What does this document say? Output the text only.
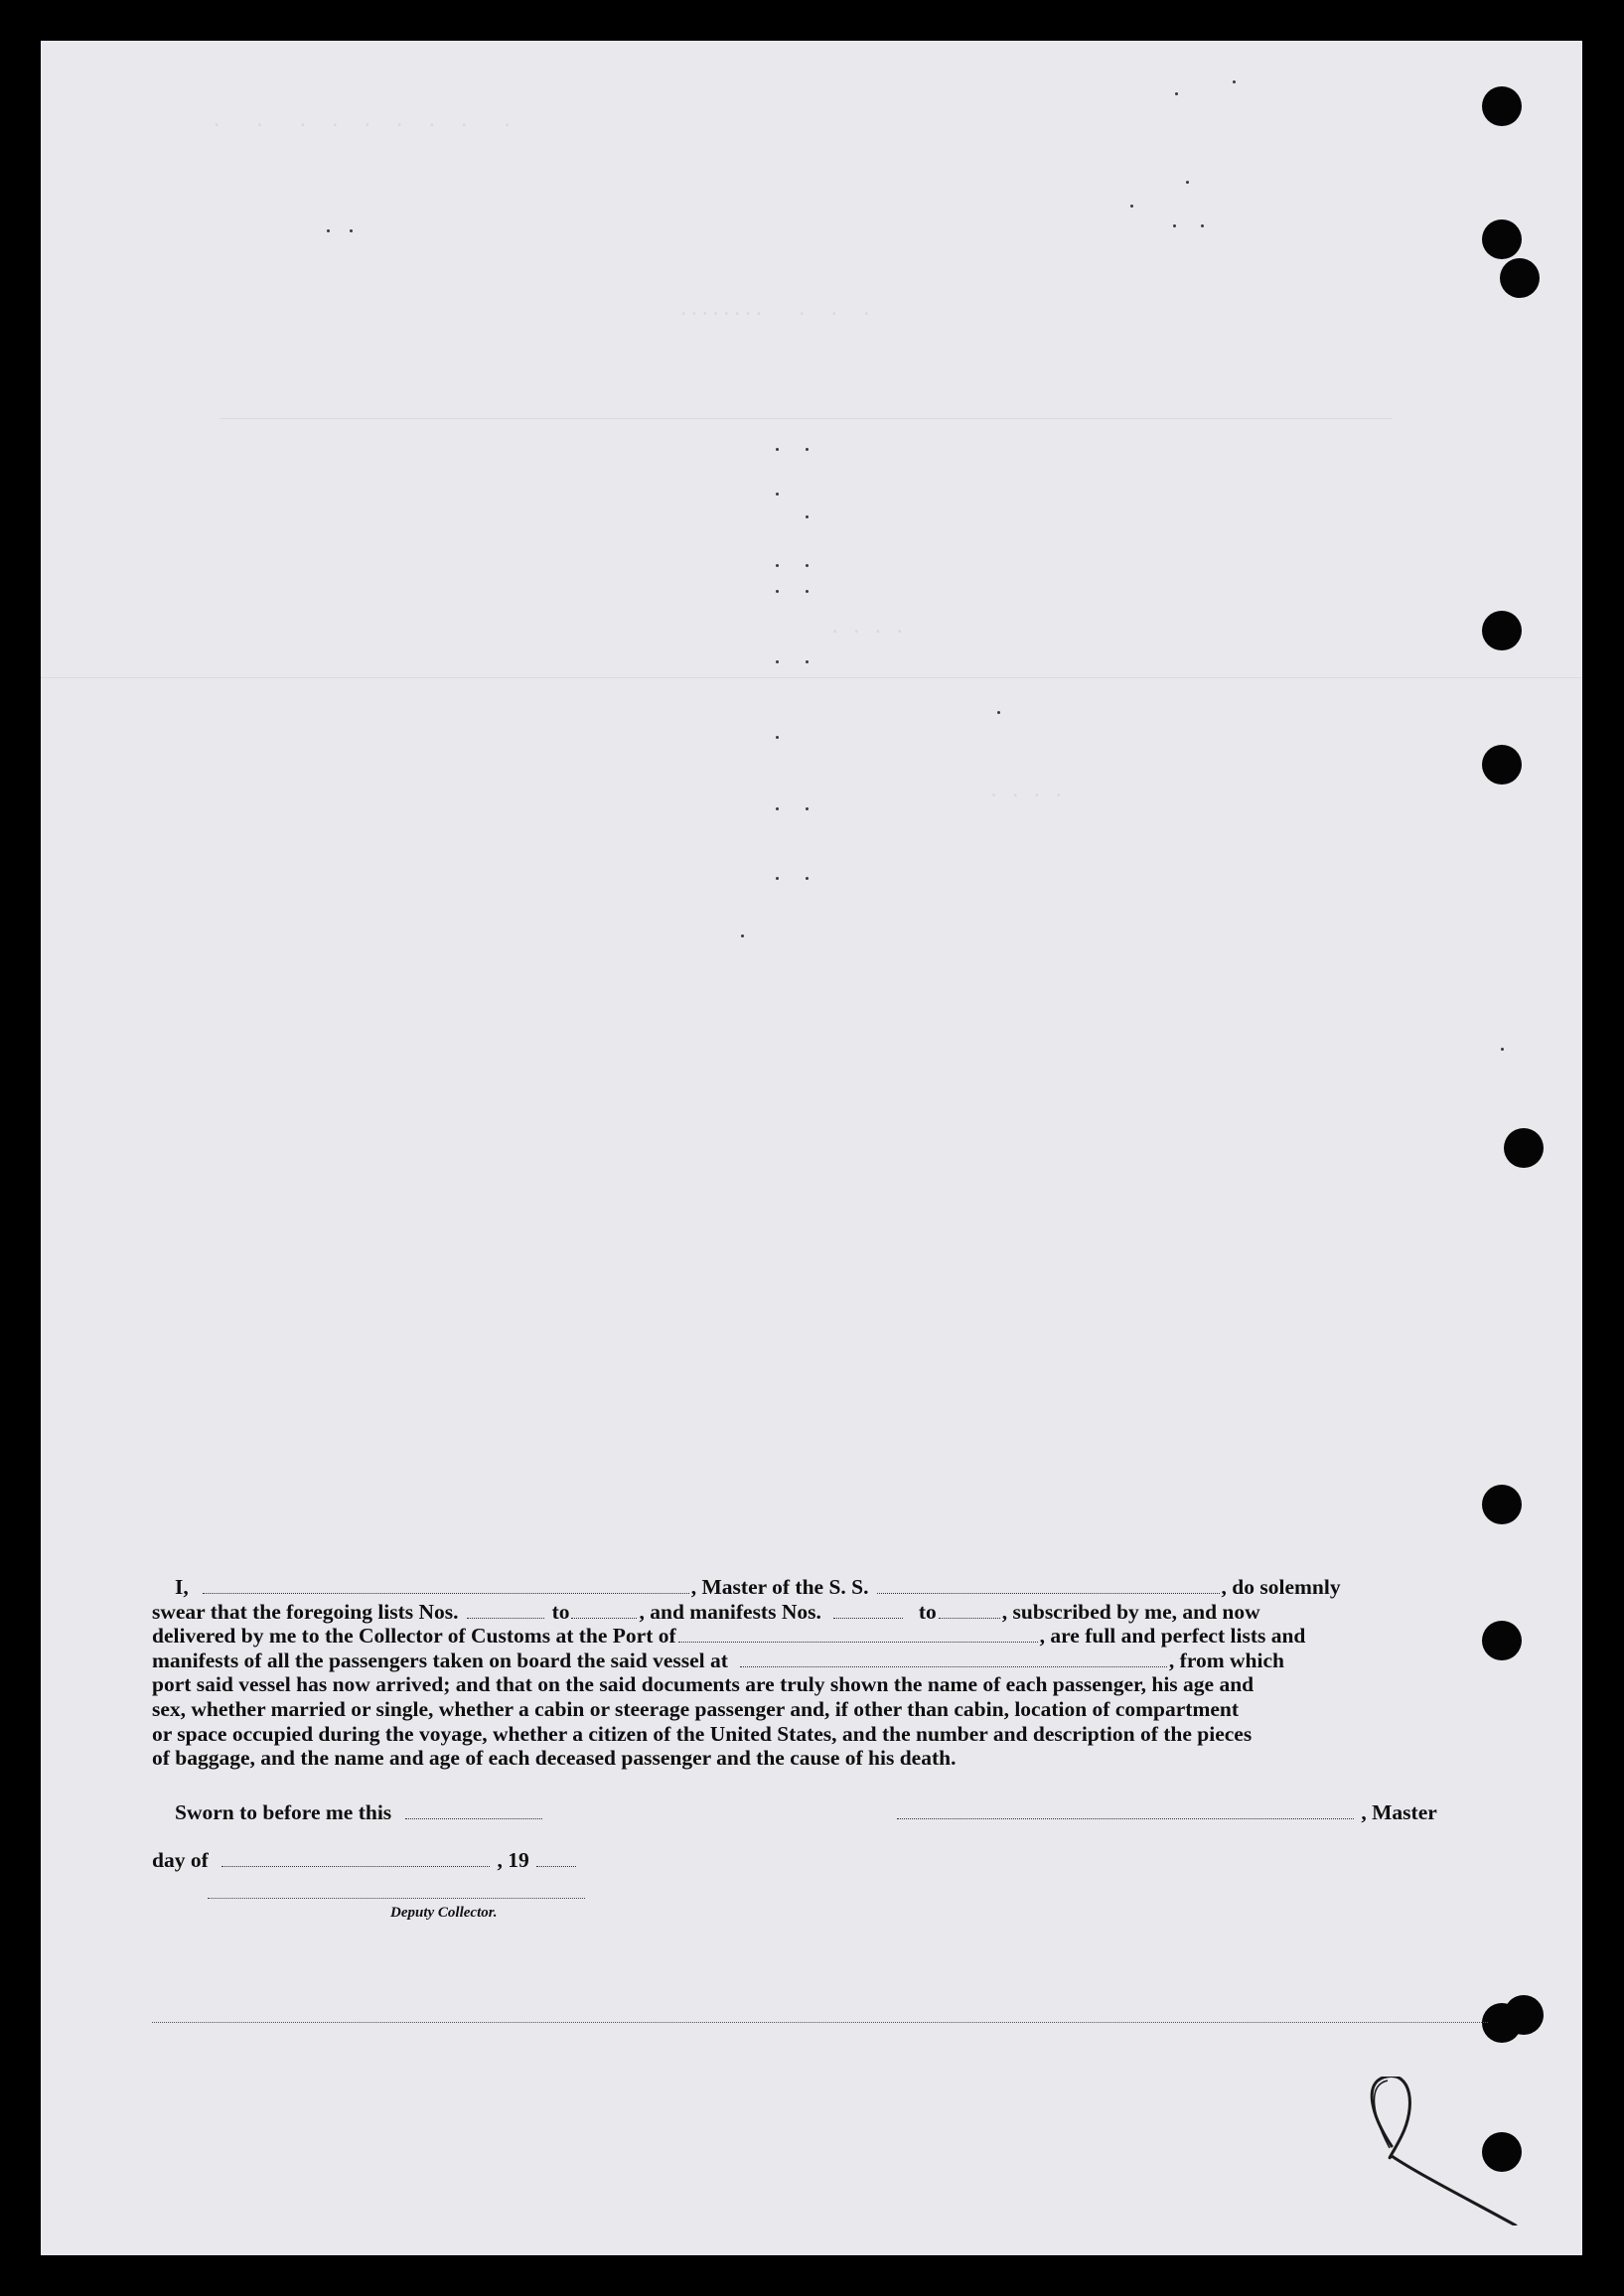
.   .   .  .  .  .  .  .   .
........   .  .  .
. . . .
. . . .
I,	, Master of the S. S.	, do solemnly
swear that the foregoing lists Nos.	to	, and manifests Nos.	to	, subscribed by me, and now
delivered by me to the Collector of Customs at the Port of	, are full and perfect lists and
manifests of all the passengers taken on board the said vessel at	, from which
port said vessel has now arrived; and that on the said documents are truly shown the name of each passenger, his age and
sex, whether married or single, whether a cabin or steerage passenger and, if other than cabin, location of compartment
or space occupied during the voyage, whether a citizen of the United States, and the number and description of the pieces
of baggage, and the name and age of each deceased passenger and the cause of his death.
Sworn to before me this	, Master
day of	, 19
Deputy Collector.
